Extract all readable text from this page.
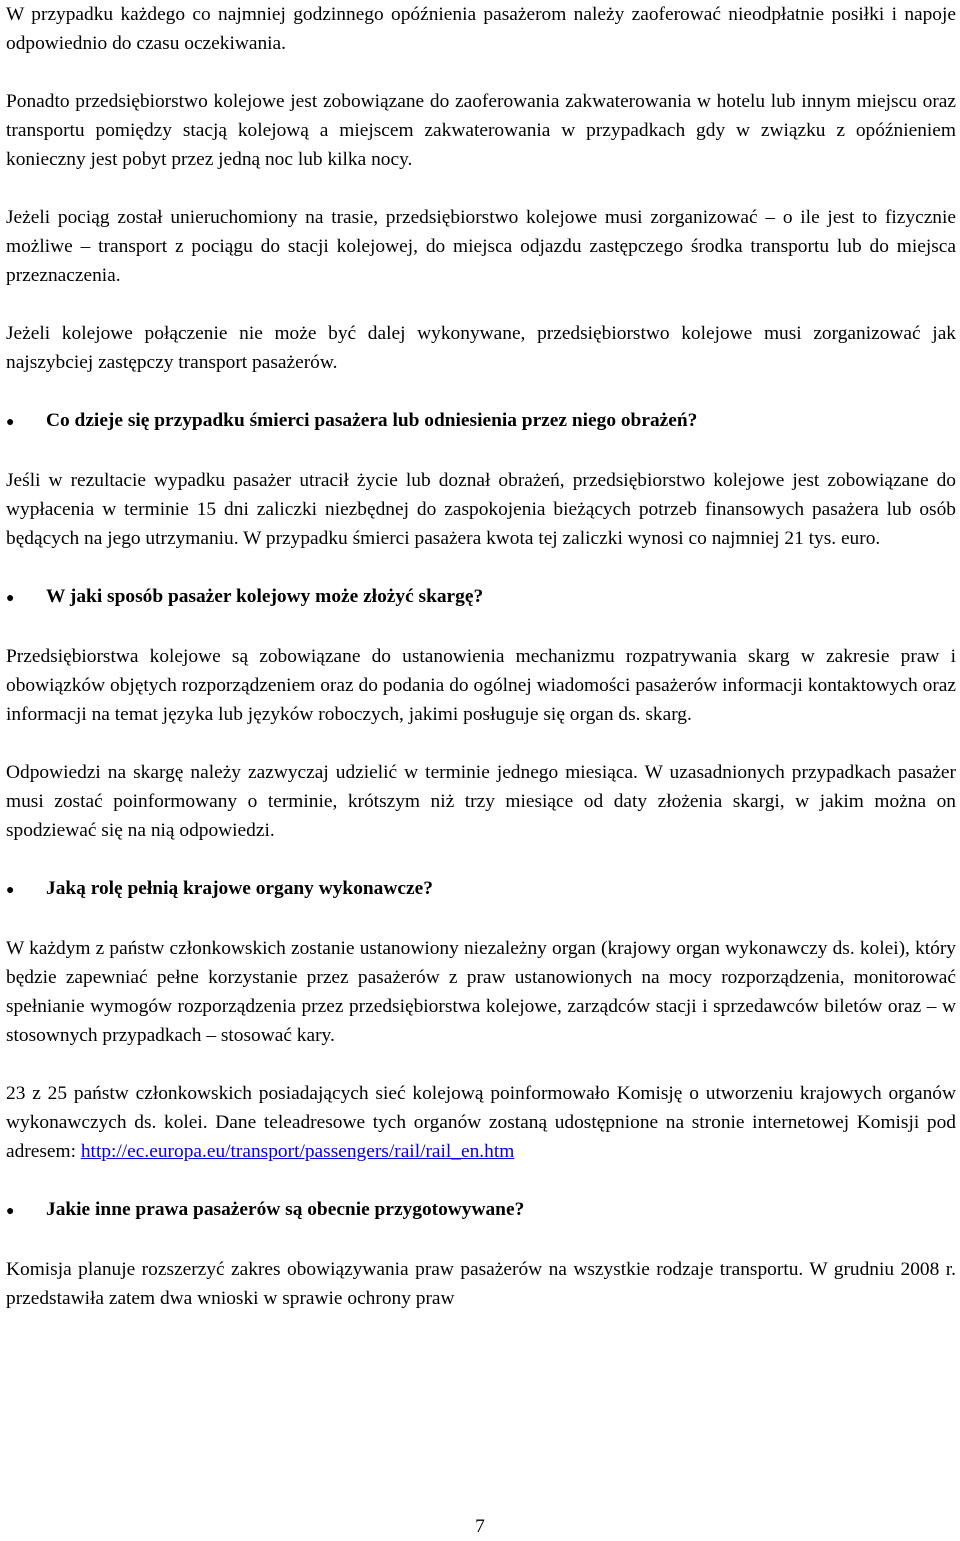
W przypadku każdego co najmniej godzinnego opóźnienia pasażerom należy zaoferować nieodpłatnie posiłki i napoje odpowiednio do czasu oczekiwania.

Ponadto przedsiębiorstwo kolejowe jest zobowiązane do zaoferowania zakwaterowania w hotelu lub innym miejscu oraz transportu pomiędzy stacją kolejową a miejscem zakwaterowania w przypadkach gdy w związku z opóźnieniem konieczny jest pobyt przez jedną noc lub kilka nocy.

Jeżeli pociąg został unieruchomiony na trasie, przedsiębiorstwo kolejowe musi zorganizować – o ile jest to fizycznie możliwe – transport z pociągu do stacji kolejowej, do miejsca odjazdu zastępczego środka transportu lub do miejsca przeznaczenia.

Jeżeli kolejowe połączenie nie może być dalej wykonywane, przedsiębiorstwo kolejowe musi zorganizować jak najszybciej zastępczy transport pasażerów.

●	Co dzieje się przypadku śmierci pasażera lub odniesienia przez niego obrażeń?

Jeśli w rezultacie wypadku pasażer utracił życie lub doznał obrażeń, przedsiębiorstwo kolejowe jest zobowiązane do wypłacenia w terminie 15 dni zaliczki niezbędnej do zaspokojenia bieżących potrzeb finansowych pasażera lub osób będących na jego utrzymaniu. W przypadku śmierci pasażera kwota tej zaliczki wynosi co najmniej 21 tys. euro.

●	W jaki sposób pasażer kolejowy może złożyć skargę?

Przedsiębiorstwa kolejowe są zobowiązane do ustanowienia mechanizmu rozpatrywania skarg w zakresie praw i obowiązków objętych rozporządzeniem oraz do podania do ogólnej wiadomości pasażerów informacji kontaktowych oraz informacji na temat języka lub języków roboczych, jakimi posługuje się organ ds. skarg.

Odpowiedzi na skargę należy zazwyczaj udzielić w terminie jednego miesiąca. W uzasadnionych przypadkach pasażer musi zostać poinformowany o terminie, krótszym niż trzy miesiące od daty złożenia skargi, w jakim można on spodziewać się na nią odpowiedzi.

●	Jaką rolę pełnią krajowe organy wykonawcze?

W każdym z państw członkowskich zostanie ustanowiony niezależny organ (krajowy organ wykonawczy ds. kolei), który będzie zapewniać pełne korzystanie przez pasażerów z praw ustanowionych na mocy rozporządzenia, monitorować spełnianie wymogów rozporządzenia przez przedsiębiorstwa kolejowe, zarządców stacji i sprzedawców biletów oraz – w stosownych przypadkach – stosować kary.

23 z 25 państw członkowskich posiadających sieć kolejową poinformowało Komisję o utworzeniu krajowych organów wykonawczych ds. kolei. Dane teleadresowe tych organów zostaną udostępnione na stronie internetowej Komisji pod adresem: http://ec.europa.eu/transport/passengers/rail/rail_en.htm

●	Jakie inne prawa pasażerów są obecnie przygotowywane?

Komisja planuje rozszerzyć zakres obowiązywania praw pasażerów na wszystkie rodzaje transportu. W grudniu 2008 r. przedstawiła zatem dwa wnioski w sprawie ochrony praw

7
